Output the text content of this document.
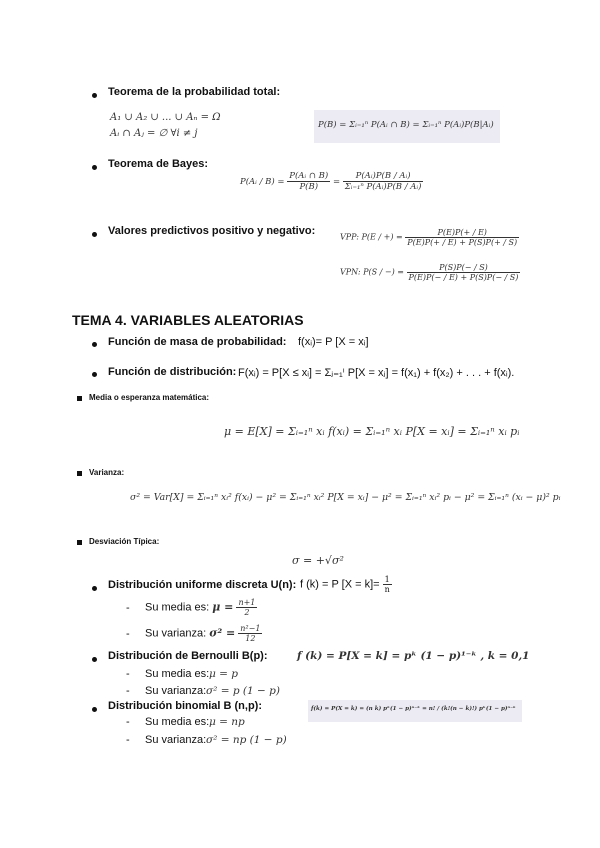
Teorema de la probabilidad total:
A₁ ∪ A₂ ∪ ... ∪ Aₙ = Ω
Aᵢ ∩ Aⱼ = ∅ ∀i ≠ j
P(B) = Σᵢ₌₁ⁿ P(Aᵢ ∩ B) = Σᵢ₌₁ⁿ P(Aᵢ)P(B|Aᵢ)
Teorema de Bayes:
P(Aᵢ / $B) = \frac{\text{P(Aᵢ ∩ B)}}{P(B)} = \frac{\text{P(Aᵢ)P(B / Aᵢ)}}{\text{Σᵢ₌₁ⁿ P(Aᵢ)P(B / Aᵢ)}}$
Valores predictivos positivo y negativo:	VPP: P(E / +) = $\frac{P(E)P(+ / E)}{P(E)P(+ / E) + P(S)P(+ / S)}$
VPN: P(S / −) = $\frac{P(S)P(- / S)}{P(E)P(- / E) + P(S)P(- / S)}$
TEMA 4. VARIABLES ALEATORIAS
Función de masa de probabilidad: f(xᵢ)= P [X = xᵢ]
Función de distribución: F(xᵢ) = P[X ≤ xᵢ] = Σⱼ₌₁ⁱ P[X = xⱼ] = f(x₁) + f(x₂) + . . . + f(xᵢ).
Media o esperanza matemática:
μ = E[X] = Σᵢ₌₁ⁿ xᵢ f(xᵢ) = Σᵢ₌₁ⁿ xᵢ P[X = xᵢ] = Σᵢ₌₁ⁿ xᵢ pᵢ
Varianza:
σ² = Var[X] = Σᵢ₌₁ⁿ xᵢ² f(xᵢ) − μ² = Σᵢ₌₁ⁿ xᵢ² P[X = xᵢ] − μ² = Σᵢ₌₁ⁿ xᵢ² pᵢ − μ² = Σᵢ₌₁ⁿ (xᵢ − μ)² pᵢ
Desviación Típica:
σ = +√σ²
Distribución uniforme discreta U(n): f (k) = P $[X = k]= \frac{1}{n}$
- Su media es: $\mu = \frac{n+1}{2}$
- Su varianza: $\sigma^2 = \frac{\text{n²−1}}{12}$
Distribución de Bernoulli B(p):	f (k) = P[X = k] = pᵏ (1 − p)¹⁻ᵏ , k = 0,1
- Su media es: μ = p
- Su varianza: σ² = p (1 − p)
Distribución binomial B (n,p):	f(k) = P(X = k) = (n k) pᵏ(1 − p)ⁿ⁻ᵏ = n! / (k!(n − k)!) pᵏ(1 − p)ⁿ⁻ᵏ
- Su media es: μ = np
- Su varianza: σ² = np (1 − p)
